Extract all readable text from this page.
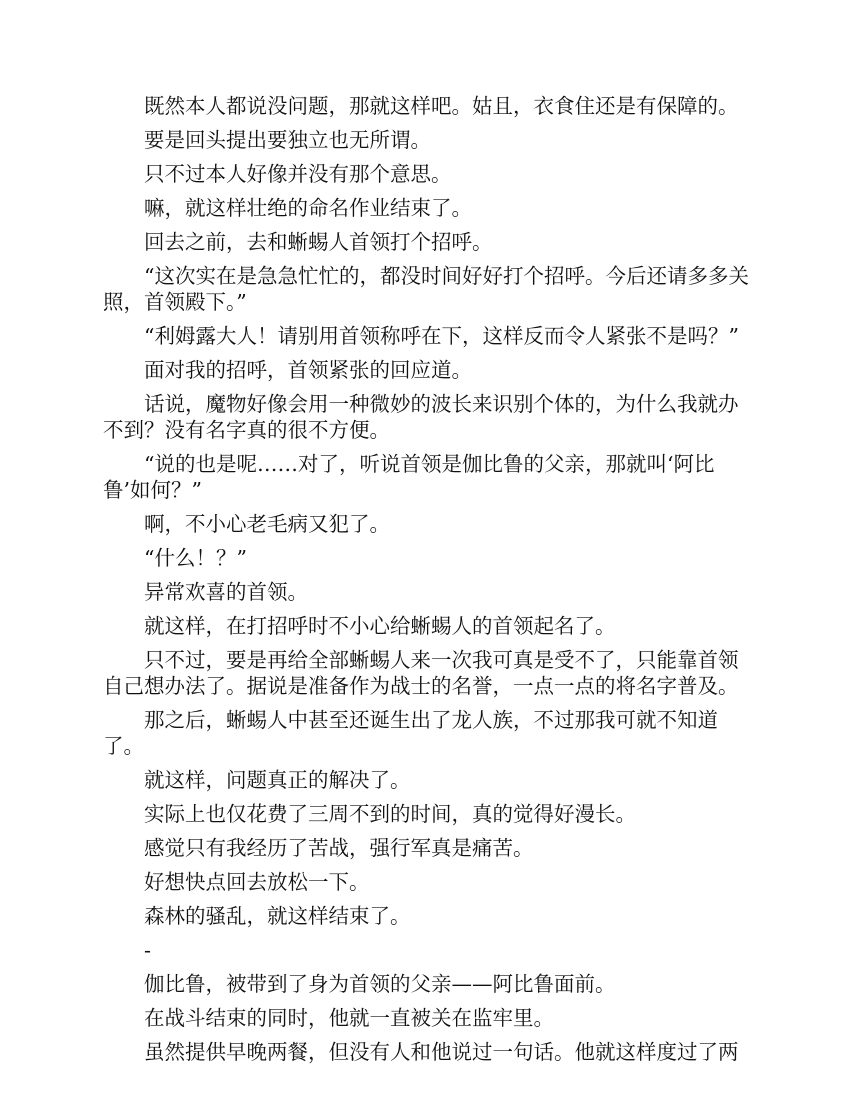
既然本人都说没问题，那就这样吧。姑且，衣食住还是有保障的。

要是回头提出要独立也无所谓。

只不过本人好像并没有那个意思。

嘛，就这样壮绝的命名作业结束了。

回去之前，去和蜥蜴人首领打个招呼。

“这次实在是急急忙忙的，都没时间好好打个招呼。今后还请多多关照，首领殿下。”

“利姆露大人！请别用首领称呼在下，这样反而令人紧张不是吗？”

面对我的招呼，首领紧张的回应道。

话说，魔物好像会用一种微妙的波长来识别个体的，为什么我就办不到？没有名字真的很不方便。

“说的也是呢……对了，听说首领是伽比鲁的父亲，那就叫‘阿比鲁’如何？”

啊，不小心老毛病又犯了。

“什么！？”

异常欢喜的首领。

就这样，在打招呼时不小心给蜥蜴人的首领起名了。

只不过，要是再给全部蜥蜴人来一次我可真是受不了，只能靠首领自己想办法了。据说是准备作为战士的名誉，一点一点的将名字普及。

那之后，蜥蜴人中甚至还诞生出了龙人族，不过那我可就不知道了。

就这样，问题真正的解决了。

实际上也仅花费了三周不到的时间，真的觉得好漫长。

感觉只有我经历了苦战，强行军真是痛苦。

好想快点回去放松一下。

森林的骚乱，就这样结束了。

-

伽比鲁，被带到了身为首领的父亲——阿比鲁面前。

在战斗结束的同时，他就一直被关在监牢里。

虽然提供早晚两餐，但没有人和他说过一句话。他就这样度过了两
